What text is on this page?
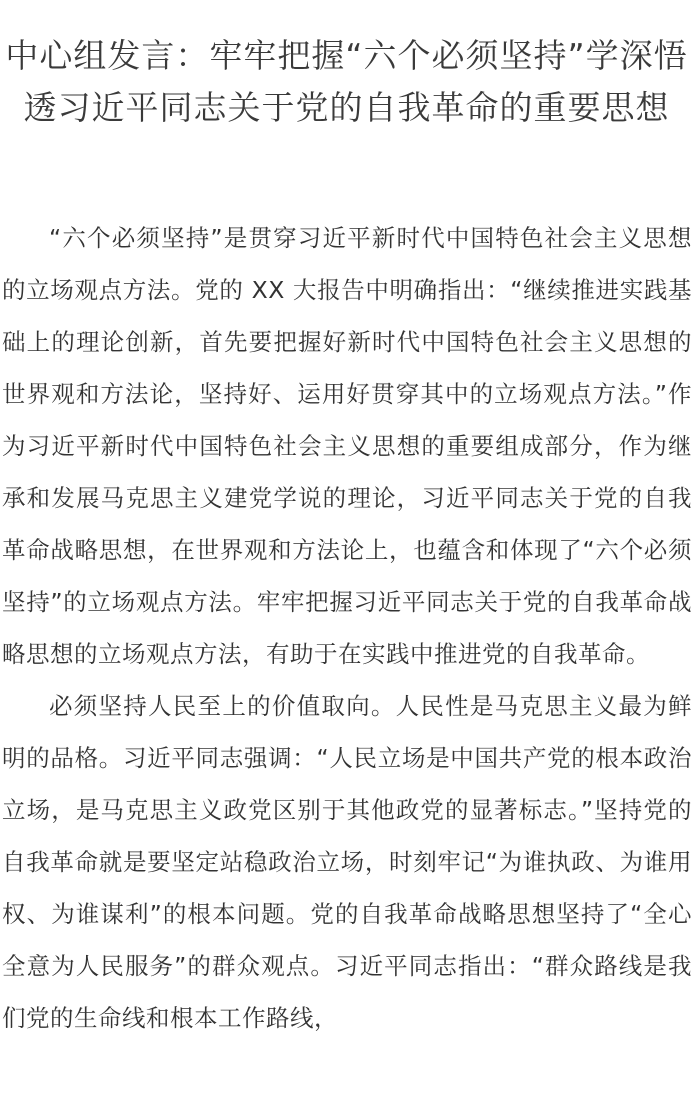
中心组发言：牢牢把握“六个必须坚持”学深悟透习近平同志关于党的自我革命的重要思想

“六个必须坚持”是贯穿习近平新时代中国特色社会主义思想的立场观点方法。党的 XX 大报告中明确指出：“继续推进实践基础上的理论创新，首先要把握好新时代中国特色社会主义思想的世界观和方法论，坚持好、运用好贯穿其中的立场观点方法。”作为习近平新时代中国特色社会主义思想的重要组成部分，作为继承和发展马克思主义建党学说的理论，习近平同志关于党的自我革命战略思想，在世界观和方法论上，也蕴含和体现了“六个必须坚持”的立场观点方法。牢牢把握习近平同志关于党的自我革命战略思想的立场观点方法，有助于在实践中推进党的自我革命。

必须坚持人民至上的价值取向。人民性是马克思主义最为鲜明的品格。习近平同志强调：“人民立场是中国共产党的根本政治立场，是马克思主义政党区别于其他政党的显著标志。”坚持党的自我革命就是要坚定站稳政治立场，时刻牢记“为谁执政、为谁用权、为谁谋利”的根本问题。党的自我革命战略思想坚持了“全心全意为人民服务”的群众观点。习近平同志指出：“群众路线是我们党的生命线和根本工作路线，
